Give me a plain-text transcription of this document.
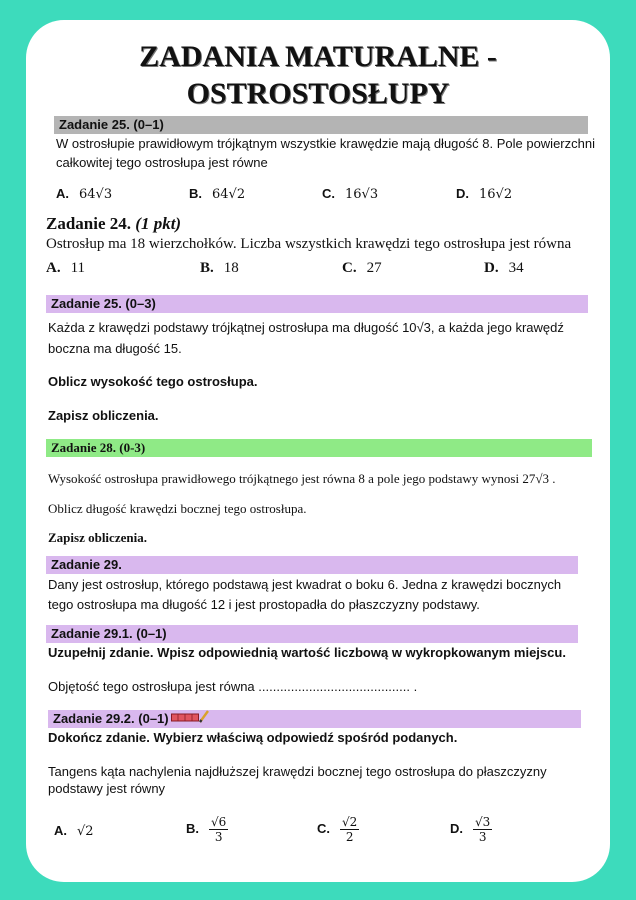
ZADANIA MATURALNE -
OSTROSTOSŁUPY
Zadanie 25. (0–1)
W ostrosłupie prawidłowym trójkątnym wszystkie krawędzie mają długość 8. Pole powierzchni
całkowitej tego ostrosłupa jest równe
A. 64√3	B. 64√2	C. 16√3	D. 16√2
Zadanie 24. (1 pkt)
Ostrosłup ma 18 wierzchołków. Liczba wszystkich krawędzi tego ostrosłupa jest równa
A. 11	B. 18	C. 27	D. 34
Zadanie 25. (0–3)
Każda z krawędzi podstawy trójkątnej ostrosłupa ma długość 10√3, a każda jego krawędź
boczna ma długość 15.
Oblicz wysokość tego ostrosłupa.
Zapisz obliczenia.
Zadanie 28. (0-3)
Wysokość ostrosłupa prawidłowego trójkątnego jest równa 8 a pole jego podstawy wynosi 27√3 .
Oblicz długość krawędzi bocznej tego ostrosłupa.
Zapisz obliczenia.
Zadanie 29.
Dany jest ostrosłup, którego podstawą jest kwadrat o boku 6. Jedna z krawędzi bocznych
tego ostrosłupa ma długość 12 i jest prostopadła do płaszczyzny podstawy.
Zadanie 29.1. (0–1)
Uzupełnij zdanie. Wpisz odpowiednią wartość liczbową w wykropkowanym miejscu.
Objętość tego ostrosłupa jest równa .......................................... .
Zadanie 29.2. (0–1)
Dokończ zdanie. Wybierz właściwą odpowiedź spośród podanych.
Tangens kąta nachylenia najdłuższej krawędzi bocznej tego ostrosłupa do płaszczyzny
podstawy jest równy
A. √2	B. $\frac{√6}{3}$	C. $\frac{√2}{2}$	D. $\frac{√3}{3}$
